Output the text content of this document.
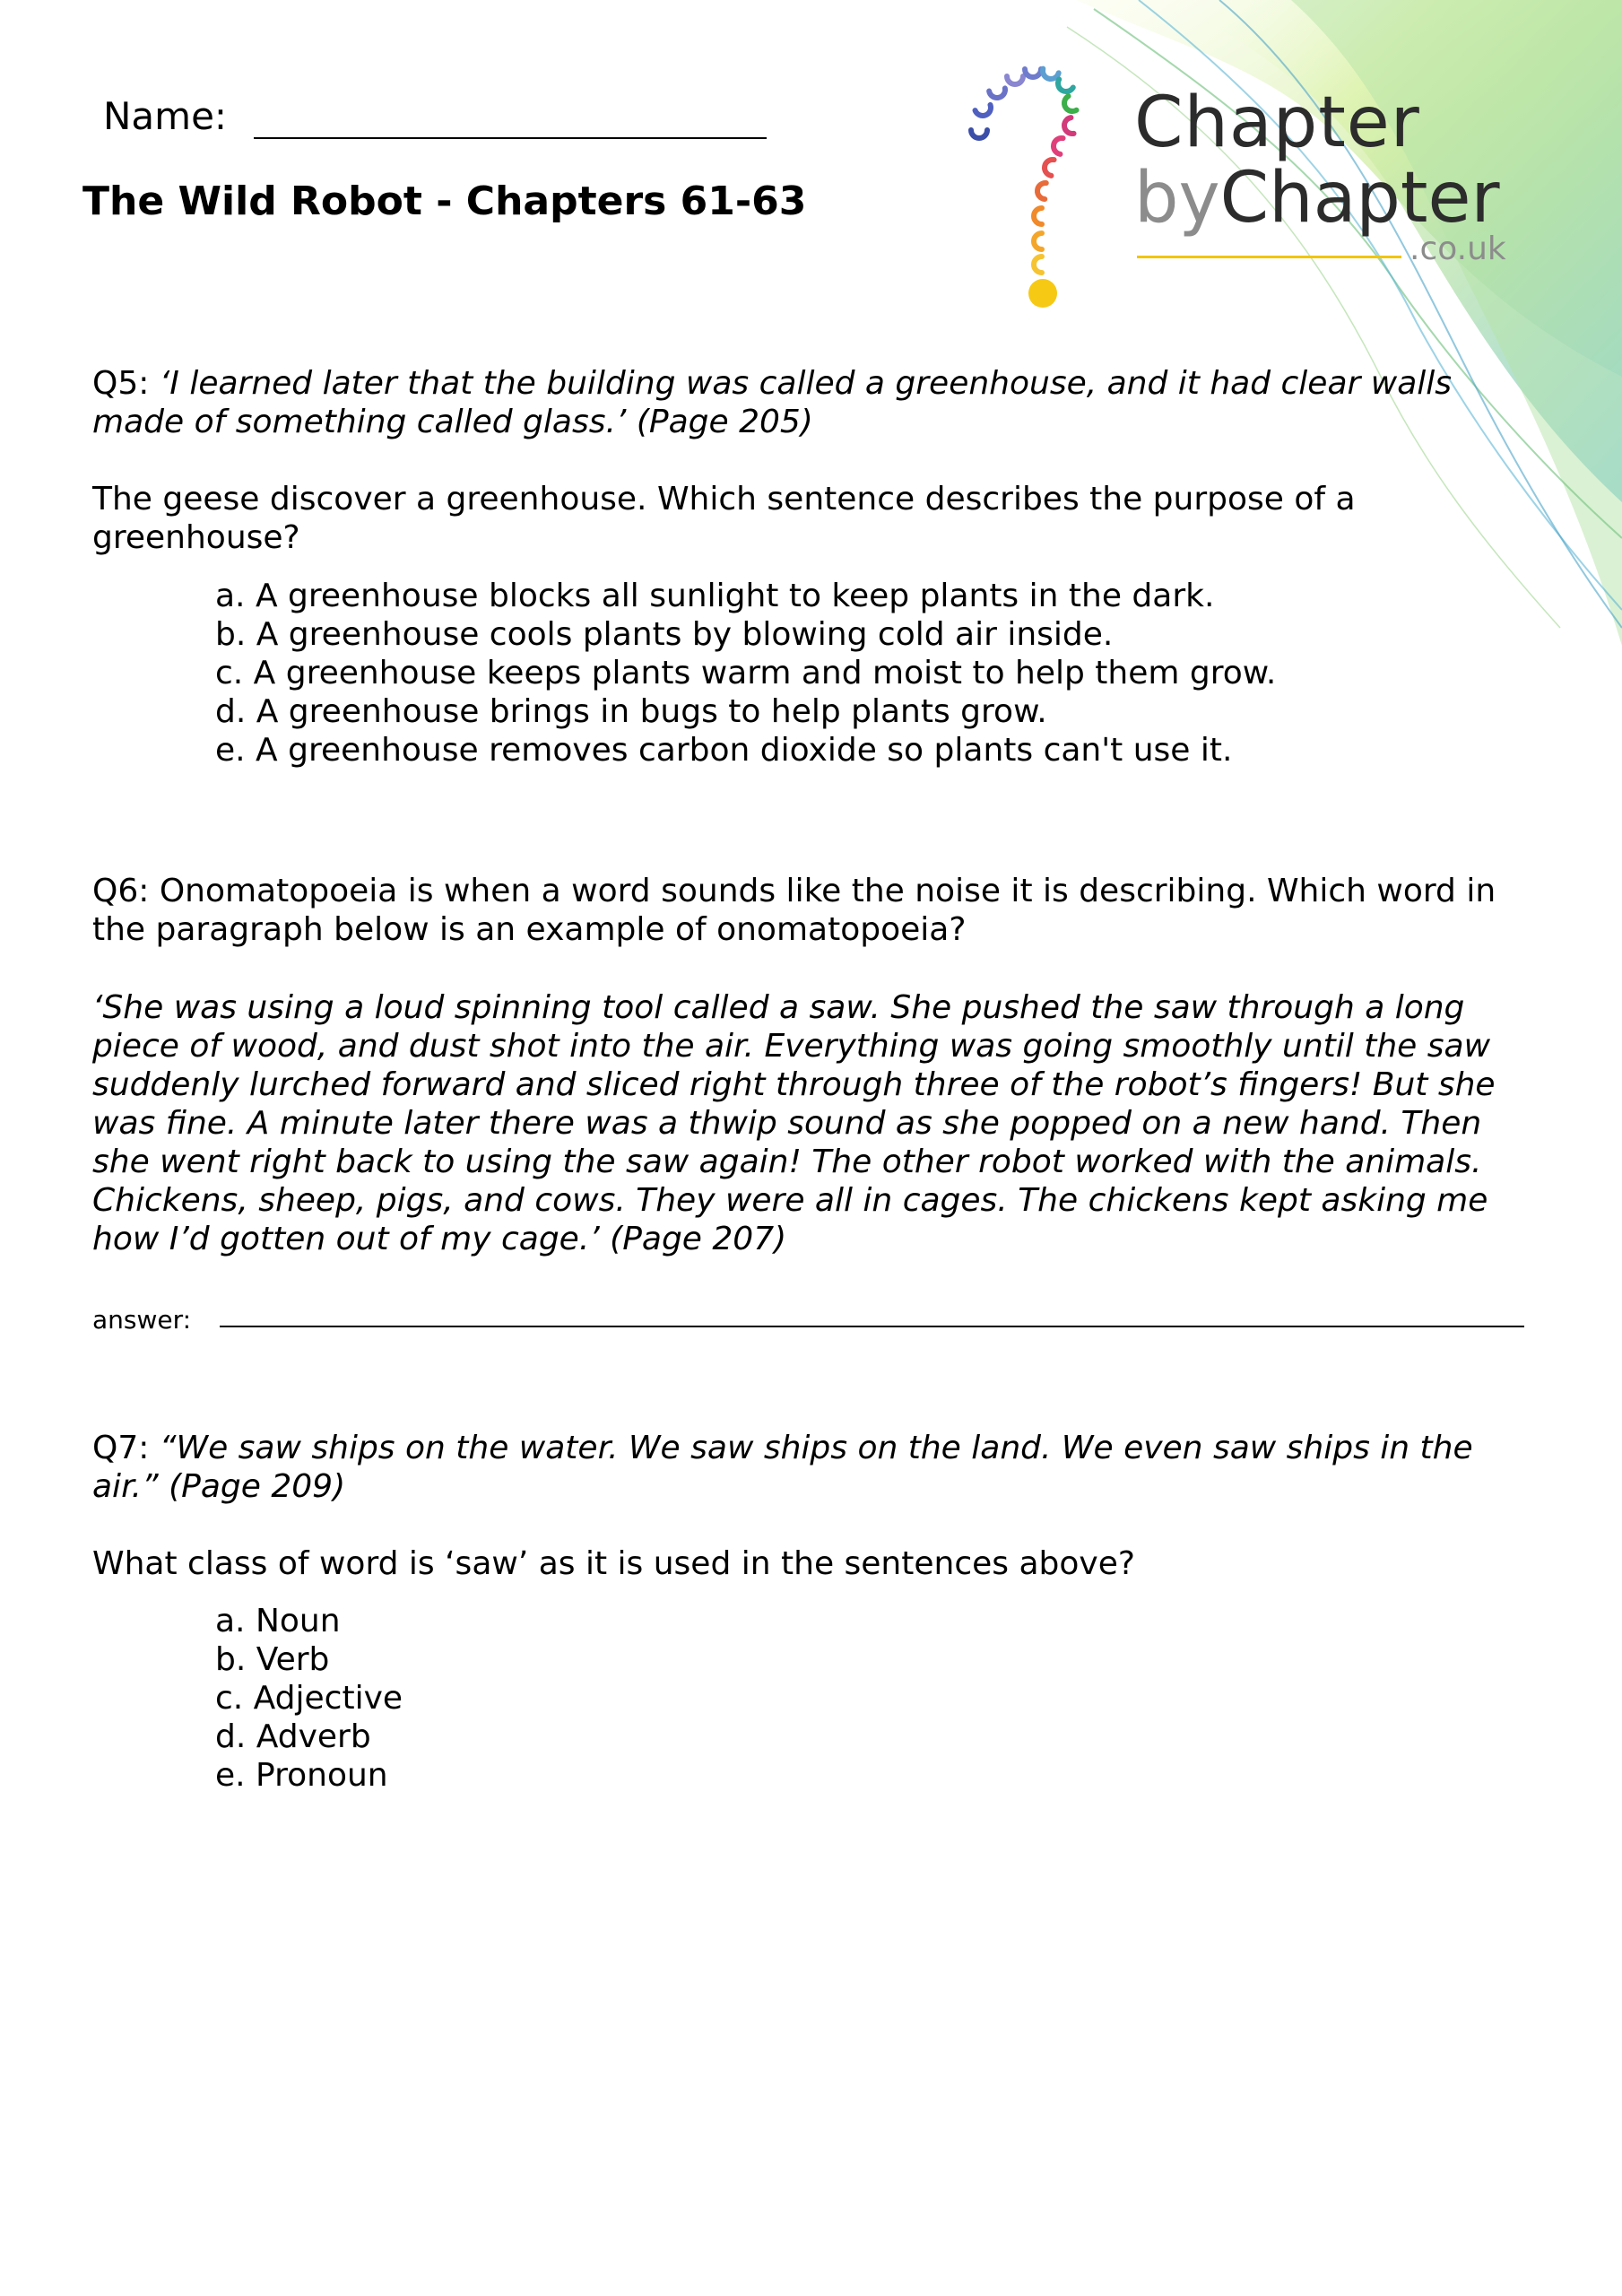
Chapter
byChapter
.co.uk
Name:
The Wild Robot - Chapters 61-63

Q5: ‘I learned later that the building was called a greenhouse, and it had clear walls made of something called glass.’ (Page 205)

The geese discover a greenhouse. Which sentence describes the purpose of a greenhouse?

a. A greenhouse blocks all sunlight to keep plants in the dark.
b. A greenhouse cools plants by blowing cold air inside.
c. A greenhouse keeps plants warm and moist to help them grow.
d. A greenhouse brings in bugs to help plants grow.
e. A greenhouse removes carbon dioxide so plants can't use it.

Q6: Onomatopoeia is when a word sounds like the noise it is describing. Which word in the paragraph below is an example of onomatopoeia?

‘She was using a loud spinning tool called a saw. She pushed the saw through a long piece of wood, and dust shot into the air. Everything was going smoothly until the saw suddenly lurched forward and sliced right through three of the robot’s fingers! But she was fine. A minute later there was a thwip sound as she popped on a new hand. Then she went right back to using the saw again! The other robot worked with the animals. Chickens, sheep, pigs, and cows. They were all in cages. The chickens kept asking me how I’d gotten out of my cage.’ (Page 207)

answer:

Q7: “We saw ships on the water. We saw ships on the land. We even saw ships in the air.” (Page 209)

What class of word is ‘saw’ as it is used in the sentences above?

a. Noun
b. Verb
c. Adjective
d. Adverb
e. Pronoun
